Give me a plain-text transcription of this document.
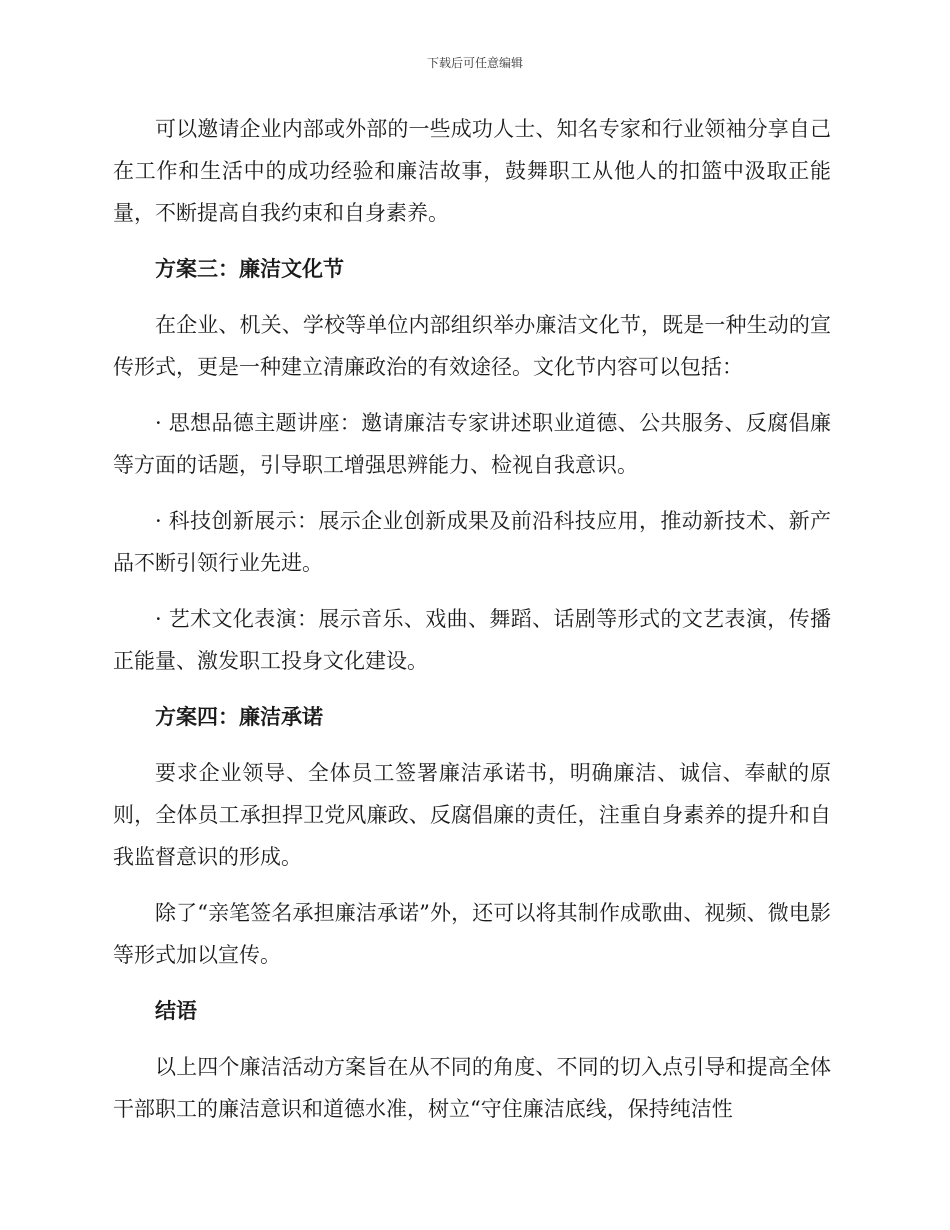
下载后可任意编辑

可以邀请企业内部或外部的一些成功人士、知名专家和行业领袖分享自己在工作和生活中的成功经验和廉洁故事，鼓舞职工从他人的扣篮中汲取正能量，不断提高自我约束和自身素养。

方案三：廉洁文化节

在企业、机关、学校等单位内部组织举办廉洁文化节，既是一种生动的宣传形式，更是一种建立清廉政治的有效途径。文化节内容可以包括：

· 思想品德主题讲座：邀请廉洁专家讲述职业道德、公共服务、反腐倡廉等方面的话题，引导职工增强思辨能力、检视自我意识。

· 科技创新展示：展示企业创新成果及前沿科技应用，推动新技术、新产品不断引领行业先进。

· 艺术文化表演：展示音乐、戏曲、舞蹈、话剧等形式的文艺表演，传播正能量、激发职工投身文化建设。

方案四：廉洁承诺

要求企业领导、全体员工签署廉洁承诺书，明确廉洁、诚信、奉献的原则，全体员工承担捍卫党风廉政、反腐倡廉的责任，注重自身素养的提升和自我监督意识的形成。

除了“亲笔签名承担廉洁承诺”外，还可以将其制作成歌曲、视频、微电影等形式加以宣传。

结语

以上四个廉洁活动方案旨在从不同的角度、不同的切入点引导和提高全体干部职工的廉洁意识和道德水准，树立“守住廉洁底线，保持纯洁性
